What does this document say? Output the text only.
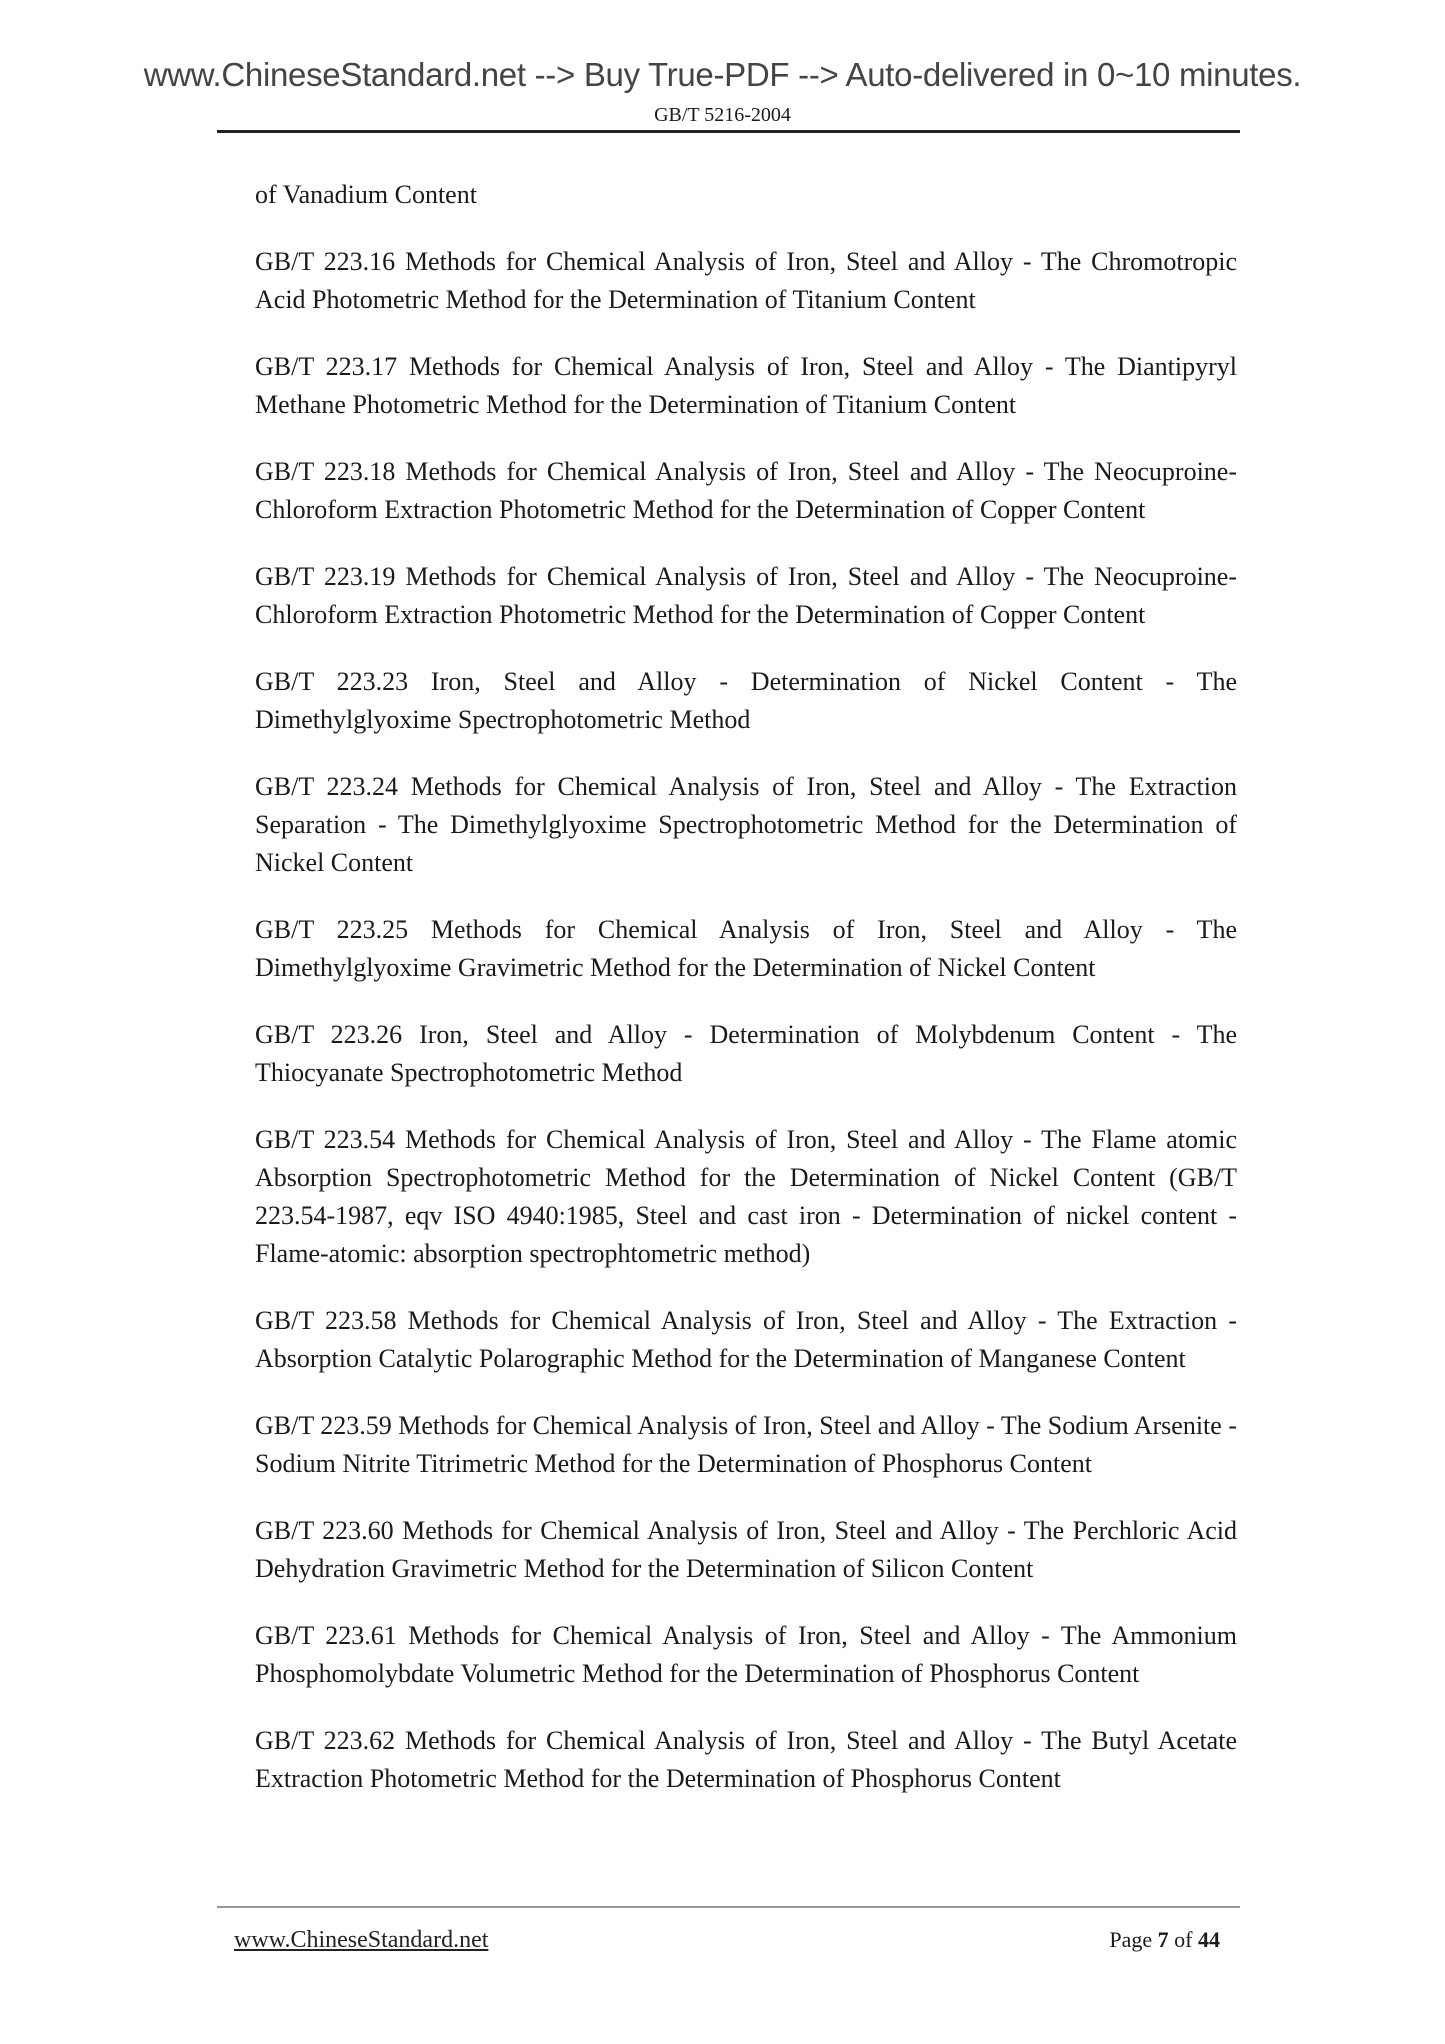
www.ChineseStandard.net --> Buy True-PDF --> Auto-delivered in 0~10 minutes.
GB/T 5216-2004

of Vanadium Content

GB/T 223.16 Methods for Chemical Analysis of Iron, Steel and Alloy - The Chromotropic Acid Photometric Method for the Determination of Titanium Content

GB/T 223.17 Methods for Chemical Analysis of Iron, Steel and Alloy - The Diantipyryl Methane Photometric Method for the Determination of Titanium Content

GB/T 223.18 Methods for Chemical Analysis of Iron, Steel and Alloy - The Neocuproine-Chloroform Extraction Photometric Method for the Determination of Copper Content

GB/T 223.19 Methods for Chemical Analysis of Iron, Steel and Alloy - The Neocuproine-Chloroform Extraction Photometric Method for the Determination of Copper Content

GB/T 223.23 Iron, Steel and Alloy - Determination of Nickel Content - The Dimethylglyoxime Spectrophotometric Method

GB/T 223.24 Methods for Chemical Analysis of Iron, Steel and Alloy - The Extraction Separation - The Dimethylglyoxime Spectrophotometric Method for the Determination of Nickel Content

GB/T 223.25 Methods for Chemical Analysis of Iron, Steel and Alloy - The Dimethylglyoxime Gravimetric Method for the Determination of Nickel Content

GB/T 223.26 Iron, Steel and Alloy - Determination of Molybdenum Content - The Thiocyanate Spectrophotometric Method

GB/T 223.54 Methods for Chemical Analysis of Iron, Steel and Alloy - The Flame atomic Absorption Spectrophotometric Method for the Determination of Nickel Content (GB/T 223.54-1987, eqv ISO 4940:1985, Steel and cast iron - Determination of nickel content - Flame-atomic: absorption spectrophtometric method)

GB/T 223.58 Methods for Chemical Analysis of Iron, Steel and Alloy - The Extraction - Absorption Catalytic Polarographic Method for the Determination of Manganese Content

GB/T 223.59 Methods for Chemical Analysis of Iron, Steel and Alloy - The Sodium Arsenite - Sodium Nitrite Titrimetric Method for the Determination of Phosphorus Content

GB/T 223.60 Methods for Chemical Analysis of Iron, Steel and Alloy - The Perchloric Acid Dehydration Gravimetric Method for the Determination of Silicon Content

GB/T 223.61 Methods for Chemical Analysis of Iron, Steel and Alloy - The Ammonium Phosphomolybdate Volumetric Method for the Determination of Phosphorus Content

GB/T 223.62 Methods for Chemical Analysis of Iron, Steel and Alloy - The Butyl Acetate Extraction Photometric Method for the Determination of Phosphorus Content

www.ChineseStandard.net	Page 7 of 44
